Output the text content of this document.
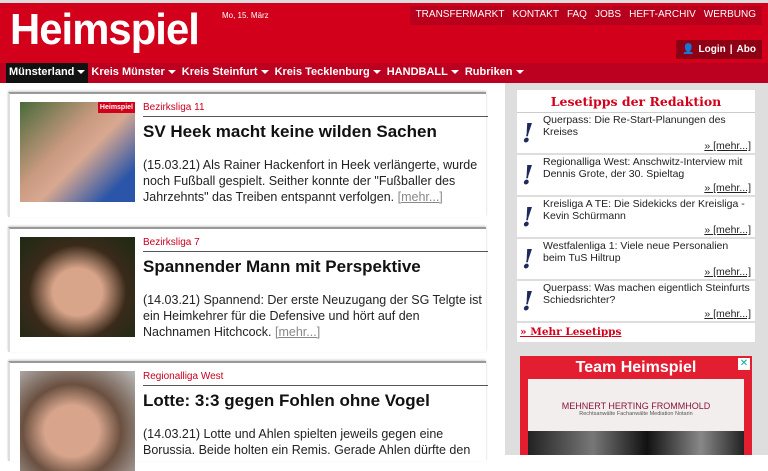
Heimspiel	Mo, 15. März	TRANSFERMARKT KONTAKT FAQ JOBS HEFT-ARCHIV WERBUNG
👤 Login | Abo
Münsterland	Kreis Münster	Kreis Steinfurt	Kreis Tecklenburg	HANDBALL	Rubriken
Heimspiel Bezirksliga 11
SV Heek macht keine wilden Sachen
(15.03.21) Als Rainer Hackenfort in Heek verlängerte, wurde noch Fußball gespielt. Seither konnte der "Fußballer des Jahrzehnts" das Treiben entspannt verfolgen. [mehr...]
Bezirksliga 7
Spannender Mann mit Perspektive
(14.03.21) Spannend: Der erste Neuzugang der SG Telgte ist ein Heimkehrer für die Defensive und hört auf den Nachnamen Hitchcock. [mehr...]
Regionalliga West
Lotte: 3:3 gegen Fohlen ohne Vogel
(14.03.21) Lotte und Ahlen spielten jeweils gegen eine Borussia. Beide holten ein Remis. Gerade Ahlen dürfte den
Lesetipps der Redaktion
! Querpass: Die Re-Start-Planungen des Kreises
» [mehr...]
! Regionalliga West: Anschwitz-Interview mit Dennis Grote, der 30. Spieltag
» [mehr...]
! Kreisliga A TE: Die Sidekicks der Kreisliga - Kevin Schürmann
» [mehr...]
! Westfalenliga 1: Viele neue Personalien beim TuS Hiltrup
» [mehr...]
! Querpass: Was machen eigentlich Steinfurts Schiedsrichter?
» [mehr...]
» Mehr Lesetipps
Team Heimspiel	✕
MEHNERT HERTING FROMMHOLD
Rechtsanwälte Fachanwälte Mediation Notarin
